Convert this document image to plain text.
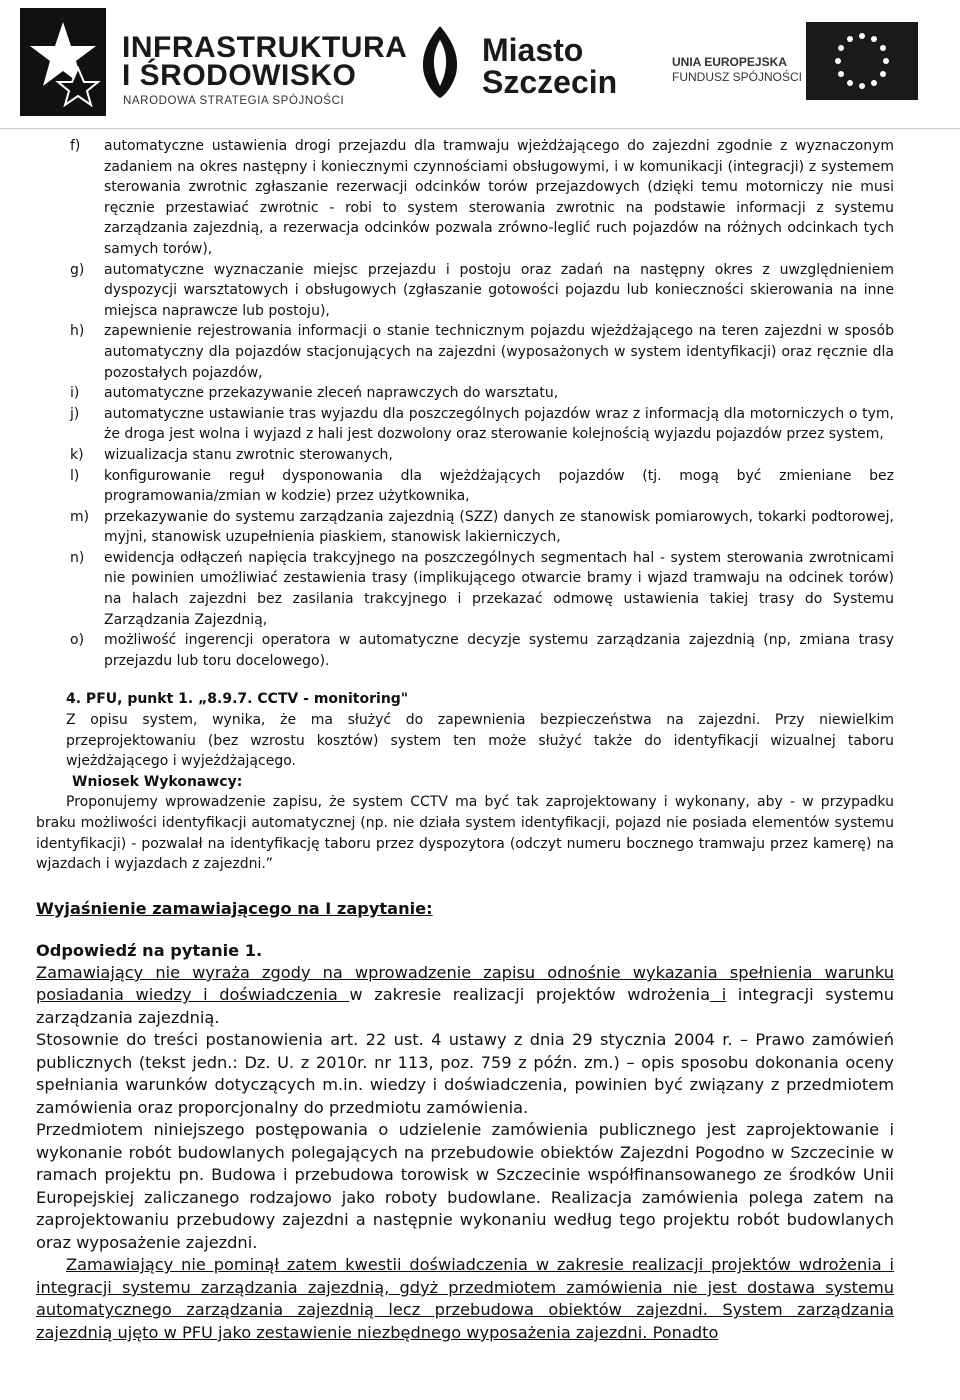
INFRASTRUKTURA
I ŚRODOWISKO
NARODOWA STRATEGIA SPÓJNOŚCI
Miasto
Szczecin
UNIA EUROPEJSKA
FUNDUSZ SPÓJNOŚCI
f) automatyczne ustawienia drogi przejazdu dla tramwaju wjeżdżającego do zajezdni zgodnie z wyznaczonym zadaniem na okres następny i koniecznymi czynnościami obsługowymi, i w komunikacji (integracji) z systemem sterowania zwrotnic zgłaszanie rezerwacji odcinków torów przejazdowych (dzięki temu motorniczy nie musi ręcznie przestawiać zwrotnic - robi to system sterowania zwrotnic na podstawie informacji z systemu zarządzania zajezdnią, a rezerwacja odcinków pozwala zrówno-leglić ruch pojazdów na różnych odcinkach tych samych torów),
g) automatyczne wyznaczanie miejsc przejazdu i postoju oraz zadań na następny okres z uwzględnieniem dyspozycji warsztatowych i obsługowych (zgłaszanie gotowości pojazdu lub konieczności skierowania na inne miejsca naprawcze lub postoju),
h) zapewnienie rejestrowania informacji o stanie technicznym pojazdu wjeżdżającego na teren zajezdni w sposób automatyczny dla pojazdów stacjonujących na zajezdni (wyposażonych w system identyfikacji) oraz ręcznie dla pozostałych pojazdów,
i) automatyczne przekazywanie zleceń naprawczych do warsztatu,
j) automatyczne ustawianie tras wyjazdu dla poszczególnych pojazdów wraz z informacją dla motorniczych o tym, że droga jest wolna i wyjazd z hali jest dozwolony oraz sterowanie kolejnością wyjazdu pojazdów przez system,
k) wizualizacja stanu zwrotnic sterowanych,
l) konfigurowanie reguł dysponowania dla wjeżdżających pojazdów (tj. mogą być zmieniane bez programowania/zmian w kodzie) przez użytkownika,
m) przekazywanie do systemu zarządzania zajezdnią (SZZ) danych ze stanowisk pomiarowych, tokarki podtorowej, myjni, stanowisk uzupełnienia piaskiem, stanowisk lakierniczych,
n) ewidencja odłączeń napięcia trakcyjnego na poszczególnych segmentach hal - system sterowania zwrotnicami nie powinien umożliwiać zestawienia trasy (implikującego otwarcie bramy i wjazd tramwaju na odcinek torów) na halach zajezdni bez zasilania trakcyjnego i przekazać odmowę ustawienia takiej trasy do Systemu Zarządzania Zajezdnią,
o) możliwość ingerencji operatora w automatyczne decyzje systemu zarządzania zajezdnią (np, zmiana trasy przejazdu lub toru docelowego).
4. PFU, punkt 1. „8.9.7. CCTV - monitoring"
Z opisu system, wynika, że ma służyć do zapewnienia bezpieczeństwa na zajezdni. Przy niewielkim przeprojektowaniu (bez wzrostu kosztów) system ten może służyć także do identyfikacji wizualnej taboru wjeżdżającego i wyjeżdżającego.
Wniosek Wykonawcy:
Proponujemy wprowadzenie zapisu, że system CCTV ma być tak zaprojektowany i wykonany, aby - w przypadku braku możliwości identyfikacji automatycznej (np. nie działa system identyfikacji, pojazd nie posiada elementów systemu identyfikacji) - pozwalał na identyfikację taboru przez dyspozytora (odczyt numeru bocznego tramwaju przez kamerę) na wjazdach i wyjazdach z zajezdni.”
Wyjaśnienie zamawiającego na I zapytanie:
Odpowiedź na pytanie 1.
Zamawiający nie wyraża zgody na wprowadzenie zapisu odnośnie wykazania spełnienia warunku posiadania wiedzy i doświadczenia w zakresie realizacji projektów wdrożenia i integracji systemu zarządzania zajezdnią.
Stosownie do treści postanowienia art. 22 ust. 4 ustawy z dnia 29 stycznia 2004 r. – Prawo zamówień publicznych (tekst jedn.: Dz. U. z 2010r. nr 113, poz. 759 z późn. zm.) – opis sposobu dokonania oceny spełniania warunków dotyczących m.in. wiedzy i doświadczenia, powinien być związany z przedmiotem zamówienia oraz proporcjonalny do przedmiotu zamówienia.
Przedmiotem niniejszego postępowania o udzielenie zamówienia publicznego jest zaprojektowanie i wykonanie robót budowlanych polegających na przebudowie obiektów Zajezdni Pogodno w Szczecinie w ramach projektu pn. Budowa i przebudowa torowisk w Szczecinie współfinansowanego ze środków Unii Europejskiej zaliczanego rodzajowo jako roboty budowlane. Realizacja zamówienia polega zatem na zaprojektowaniu przebudowy zajezdni a następnie wykonaniu według tego projektu robót budowlanych oraz wyposażenie zajezdni.
Zamawiający nie pominął zatem kwestii doświadczenia w zakresie realizacji projektów wdrożenia i integracji systemu zarządzania zajezdnią, gdyż przedmiotem zamówienia nie jest dostawa systemu automatycznego zarządzania zajezdnią lecz przebudowa obiektów zajezdni. System zarządzania zajezdnią ujęto w PFU jako zestawienie niezbędnego wyposażenia zajezdni. Ponadto
